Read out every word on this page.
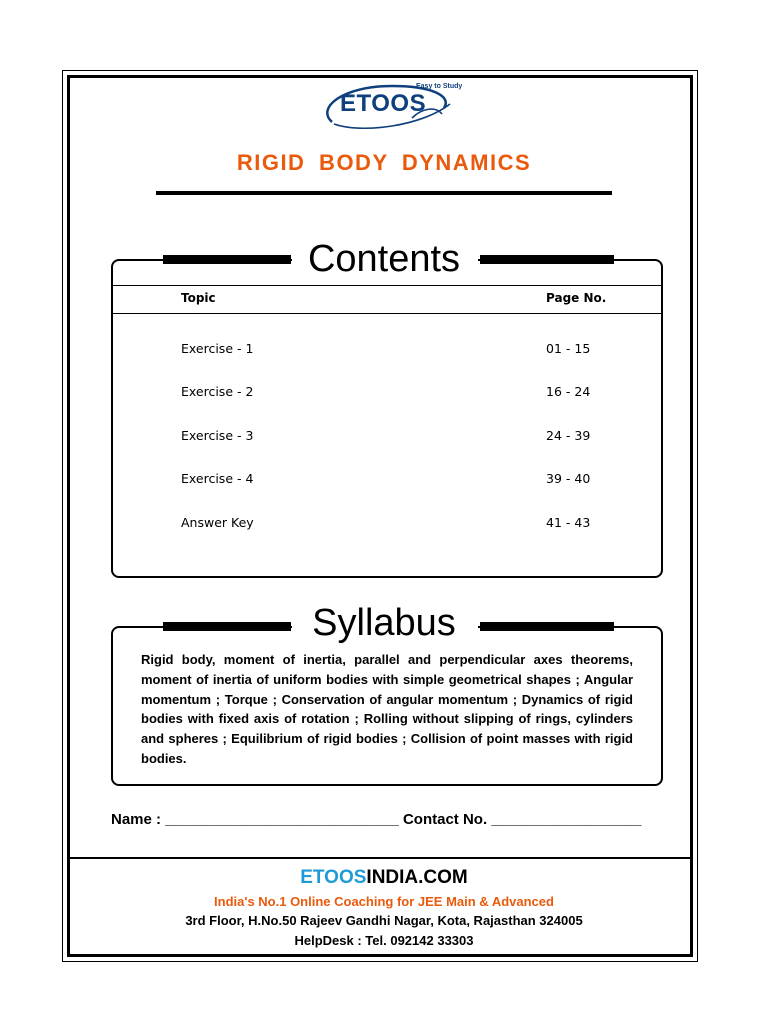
Easy to Study
ETOOS
RIGID BODY DYNAMICS
Contents
Topic	Page No.
Exercise - 1	01 - 15
Exercise - 2	16 - 24
Exercise - 3	24 - 39
Exercise - 4	39 - 40
Answer Key	41 - 43
Syllabus
Rigid body, moment of inertia, parallel and perpendicular axes theorems, moment of inertia of uniform bodies with simple geometrical shapes ; Angular momentum ; Torque ; Conservation of angular momentum ; Dynamics of rigid bodies with fixed axis of rotation ; Rolling without slipping of rings, cylinders and spheres ; Equilibrium of rigid bodies ; Collision of point masses with rigid bodies.
Name : ____________________________ Contact No. __________________
ETOOSINDIA.COM
India's No.1 Online Coaching for JEE Main & Advanced
3rd Floor, H.No.50 Rajeev Gandhi Nagar, Kota, Rajasthan 324005
HelpDesk : Tel. 092142 33303
